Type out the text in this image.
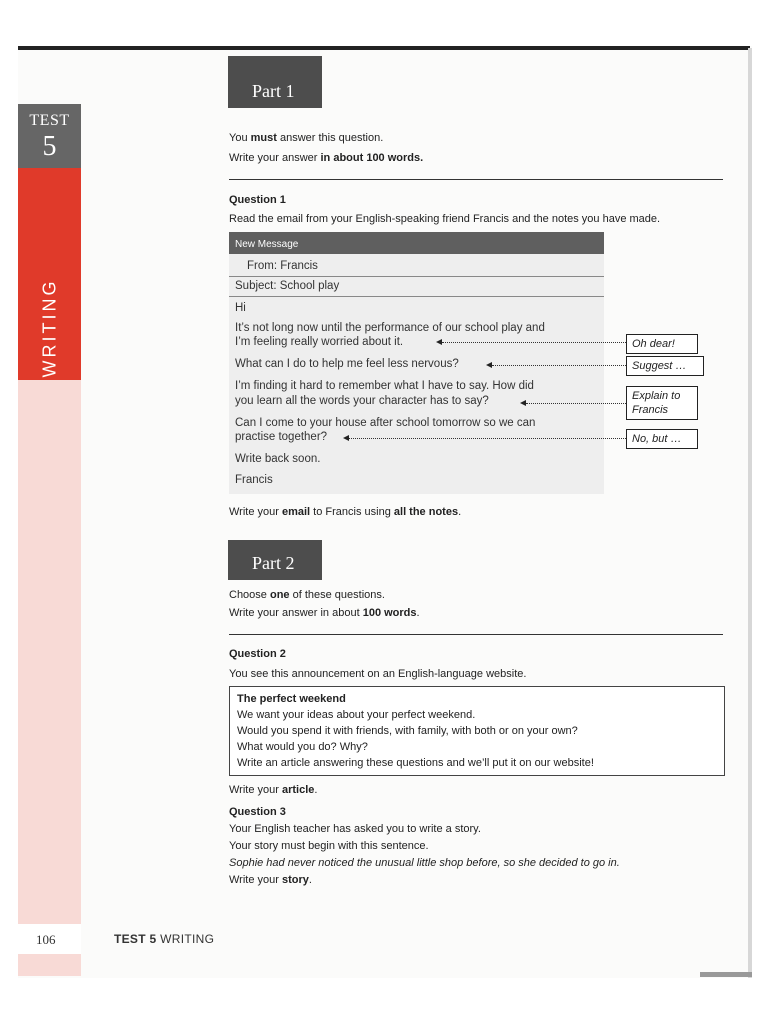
TEST
5
WRITING
106	TEST 5 WRITING
Part 1
You must answer this question.
Write your answer in about 100 words.
Question 1
Read the email from your English-speaking friend Francis and the notes you have made.
New Message
From: Francis
Subject: School play
Hi
It’s not long now until the performance of our school play and
I’m feeling really worried about it.
What can I do to help me feel less nervous?
I’m finding it hard to remember what I have to say. How did
you learn all the words your character has to say?
Can I come to your house after school tomorrow so we can
practise together?
Write back soon.
Francis
Oh dear!
Suggest …
Explain to
Francis
No, but …
Write your email to Francis using all the notes.
Part 2
Choose one of these questions.
Write your answer in about 100 words.
Question 2
You see this announcement on an English-language website.
The perfect weekend
We want your ideas about your perfect weekend.
Would you spend it with friends, with family, with both or on your own?
What would you do? Why?
Write an article answering these questions and we’ll put it on our website!
Write your article.
Question 3
Your English teacher has asked you to write a story.
Your story must begin with this sentence.
Sophie had never noticed the unusual little shop before, so she decided to go in.
Write your story.
